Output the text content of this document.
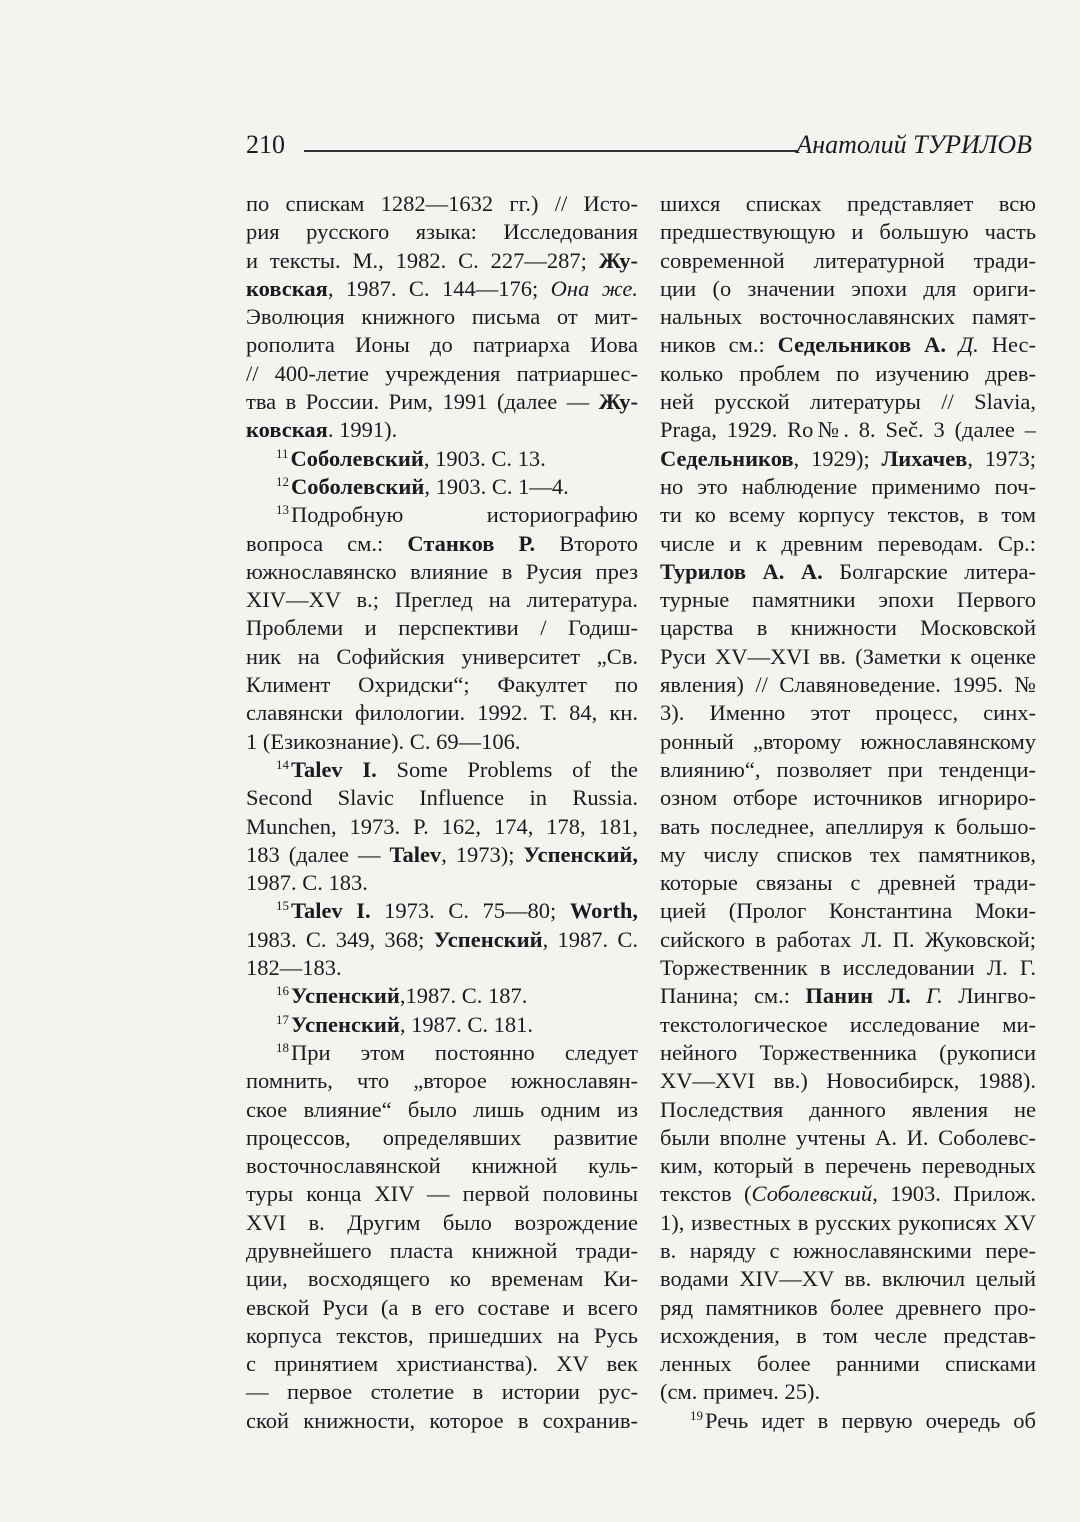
210	Анатолий ТУРИЛОВ
по спискам 1282—1632 гг.) // Исто-
рия русского языка: Исследования
и тексты. М., 1982. С. 227—287; Жу-
ковская, 1987. С. 144—176; Она же.
Эволюция книжного письма от мит-
рополита Ионы до патриарха Иова
// 400-летие учреждения патриаршес-
тва в России. Рим, 1991 (далее — Жу-
ковская. 1991).
$^{11}$Соболевский, 1903. С. 13.
$^{12}$Соболевский, 1903. С. 1—4.
$^{13}$Подробную историографию
вопроса см.: Станков Р. Второто
южнославянско влияние в Русия през
XIV—XV в.; Преглед на литература.
Проблеми и перспективи / Годиш-
ник на Софийския университет „Св.
Климент Охридски“; Факултет по
славянски филологии. 1992. Т. 84, кн.
1 (Езикознание). С. 69—106.
$^{14}$Talev I. Some Problems of the
Second Slavic Influence in Russia.
Munchen, 1973. P. 162, 174, 178, 181,
183 (далее — Talev, 1973); Успенский,
1987. С. 183.
$^{15}$Talev I. 1973. С. 75—80; Worth,
1983. С. 349, 368; Успенский, 1987. С.
182—183.
$^{16}$Успенский,1987. С. 187.
$^{17}$Успенский, 1987. С. 181.
$^{18}$При этом постоянно следует
помнить, что „второе южнославян-
ское влияние“ было лишь одним из
процессов, определявших развитие
восточнославянской книжной куль-
туры конца XIV — первой половины
XVI в. Другим было возрождение
друвнейшего пласта книжной тради-
ции, восходящего ко временам Ки-
евской Руси (а в его составе и всего
корпуса текстов, пришедших на Русь
с принятием христианства). XV век
— первое столетие в истории рус-
ской книжности, которое в сохранив-
шихся списках представляет всю
предшествующую и большую часть
современной литературной тради-
ции (о значении эпохи для ориги-
нальных восточнославянских памят-
ников см.: Седельников А. Д. Нес-
колько проблем по изучению древ-
ней русской литературы // Slavia,
Praga, 1929. Ro№. 8. Seč. 3 (далее –
Седельников, 1929); Лихачев, 1973;
но это наблюдение применимо поч-
ти ко всему корпусу текстов, в том
числе и к древним переводам. Ср.:
Турилов А. А. Болгарские литера-
турные памятники эпохи Первого
царства в книжности Московской
Руси XV—XVI вв. (Заметки к оценке
явления) // Славяноведение. 1995. №
3). Именно этот процесс, синх-
ронный „второму южнославянскому
влиянию“, позволяет при тенденци-
озном отборе источников игнориро-
вать последнее, апеллируя к большо-
му числу списков тех памятников,
которые связаны с древней тради-
цией (Пролог Константина Моки-
сийского в работах Л. П. Жуковской;
Торжественник в исследовании Л. Г.
Панина; см.: Панин Л. Г. Лингво-
текстологическое исследование ми-
нейного Торжественника (рукописи
XV—XVI вв.) Новосибирск, 1988).
Последствия данного явления не
были вполне учтены А. И. Соболевс-
ким, который в перечень переводных
текстов (Соболевский, 1903. Прилож.
1), известных в русских рукописях XV
в. наряду с южнославянскими пере-
водами XIV—XV вв. включил целый
ряд памятников более древнего про-
исхождения, в том чесле представ-
ленных более ранними списками
(см. примеч. 25).
$^{19}$Речь идет в первую очередь об
